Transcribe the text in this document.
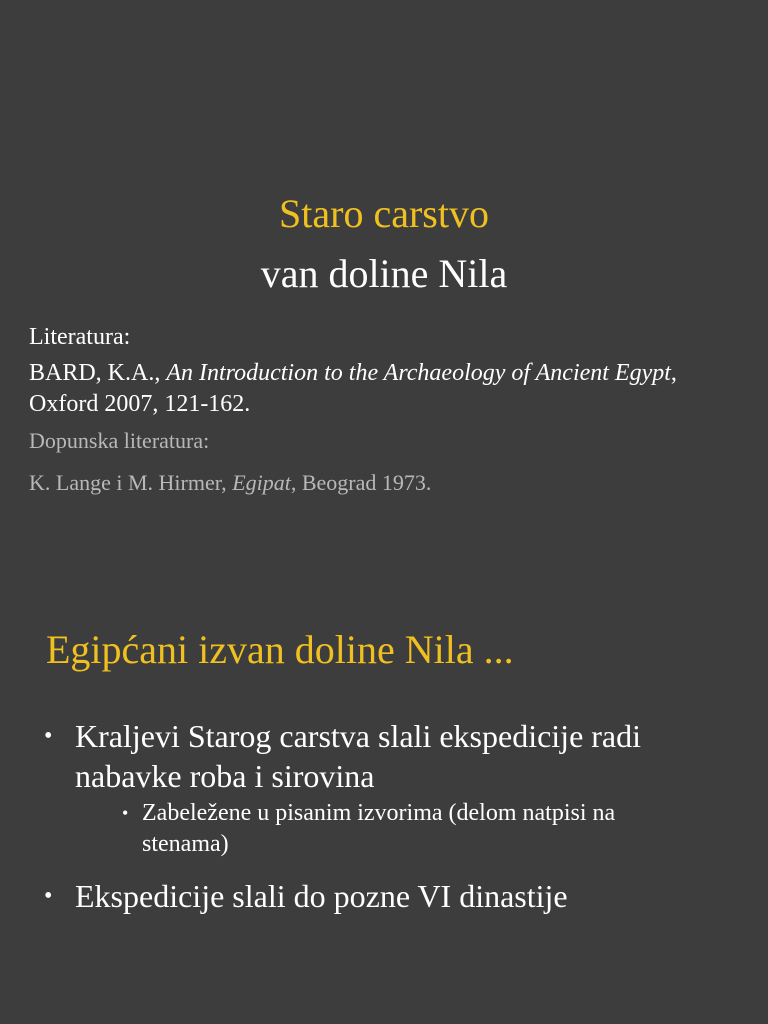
Staro carstvo
van doline Nila
Literatura:
BARD, K.A., An Introduction to the Archaeology of Ancient Egypt, Oxford 2007, 121-162.
Dopunska literatura:
K. Lange i M. Hirmer, Egipat, Beograd 1973.
Egipćani izvan doline Nila ...
• Kraljevi Starog carstva slali ekspedicije radi nabavke roba i sirovina
• Zabeležene u pisanim izvorima (delom natpisi na stenama)
• Ekspedicije slali do pozne VI dinastije
